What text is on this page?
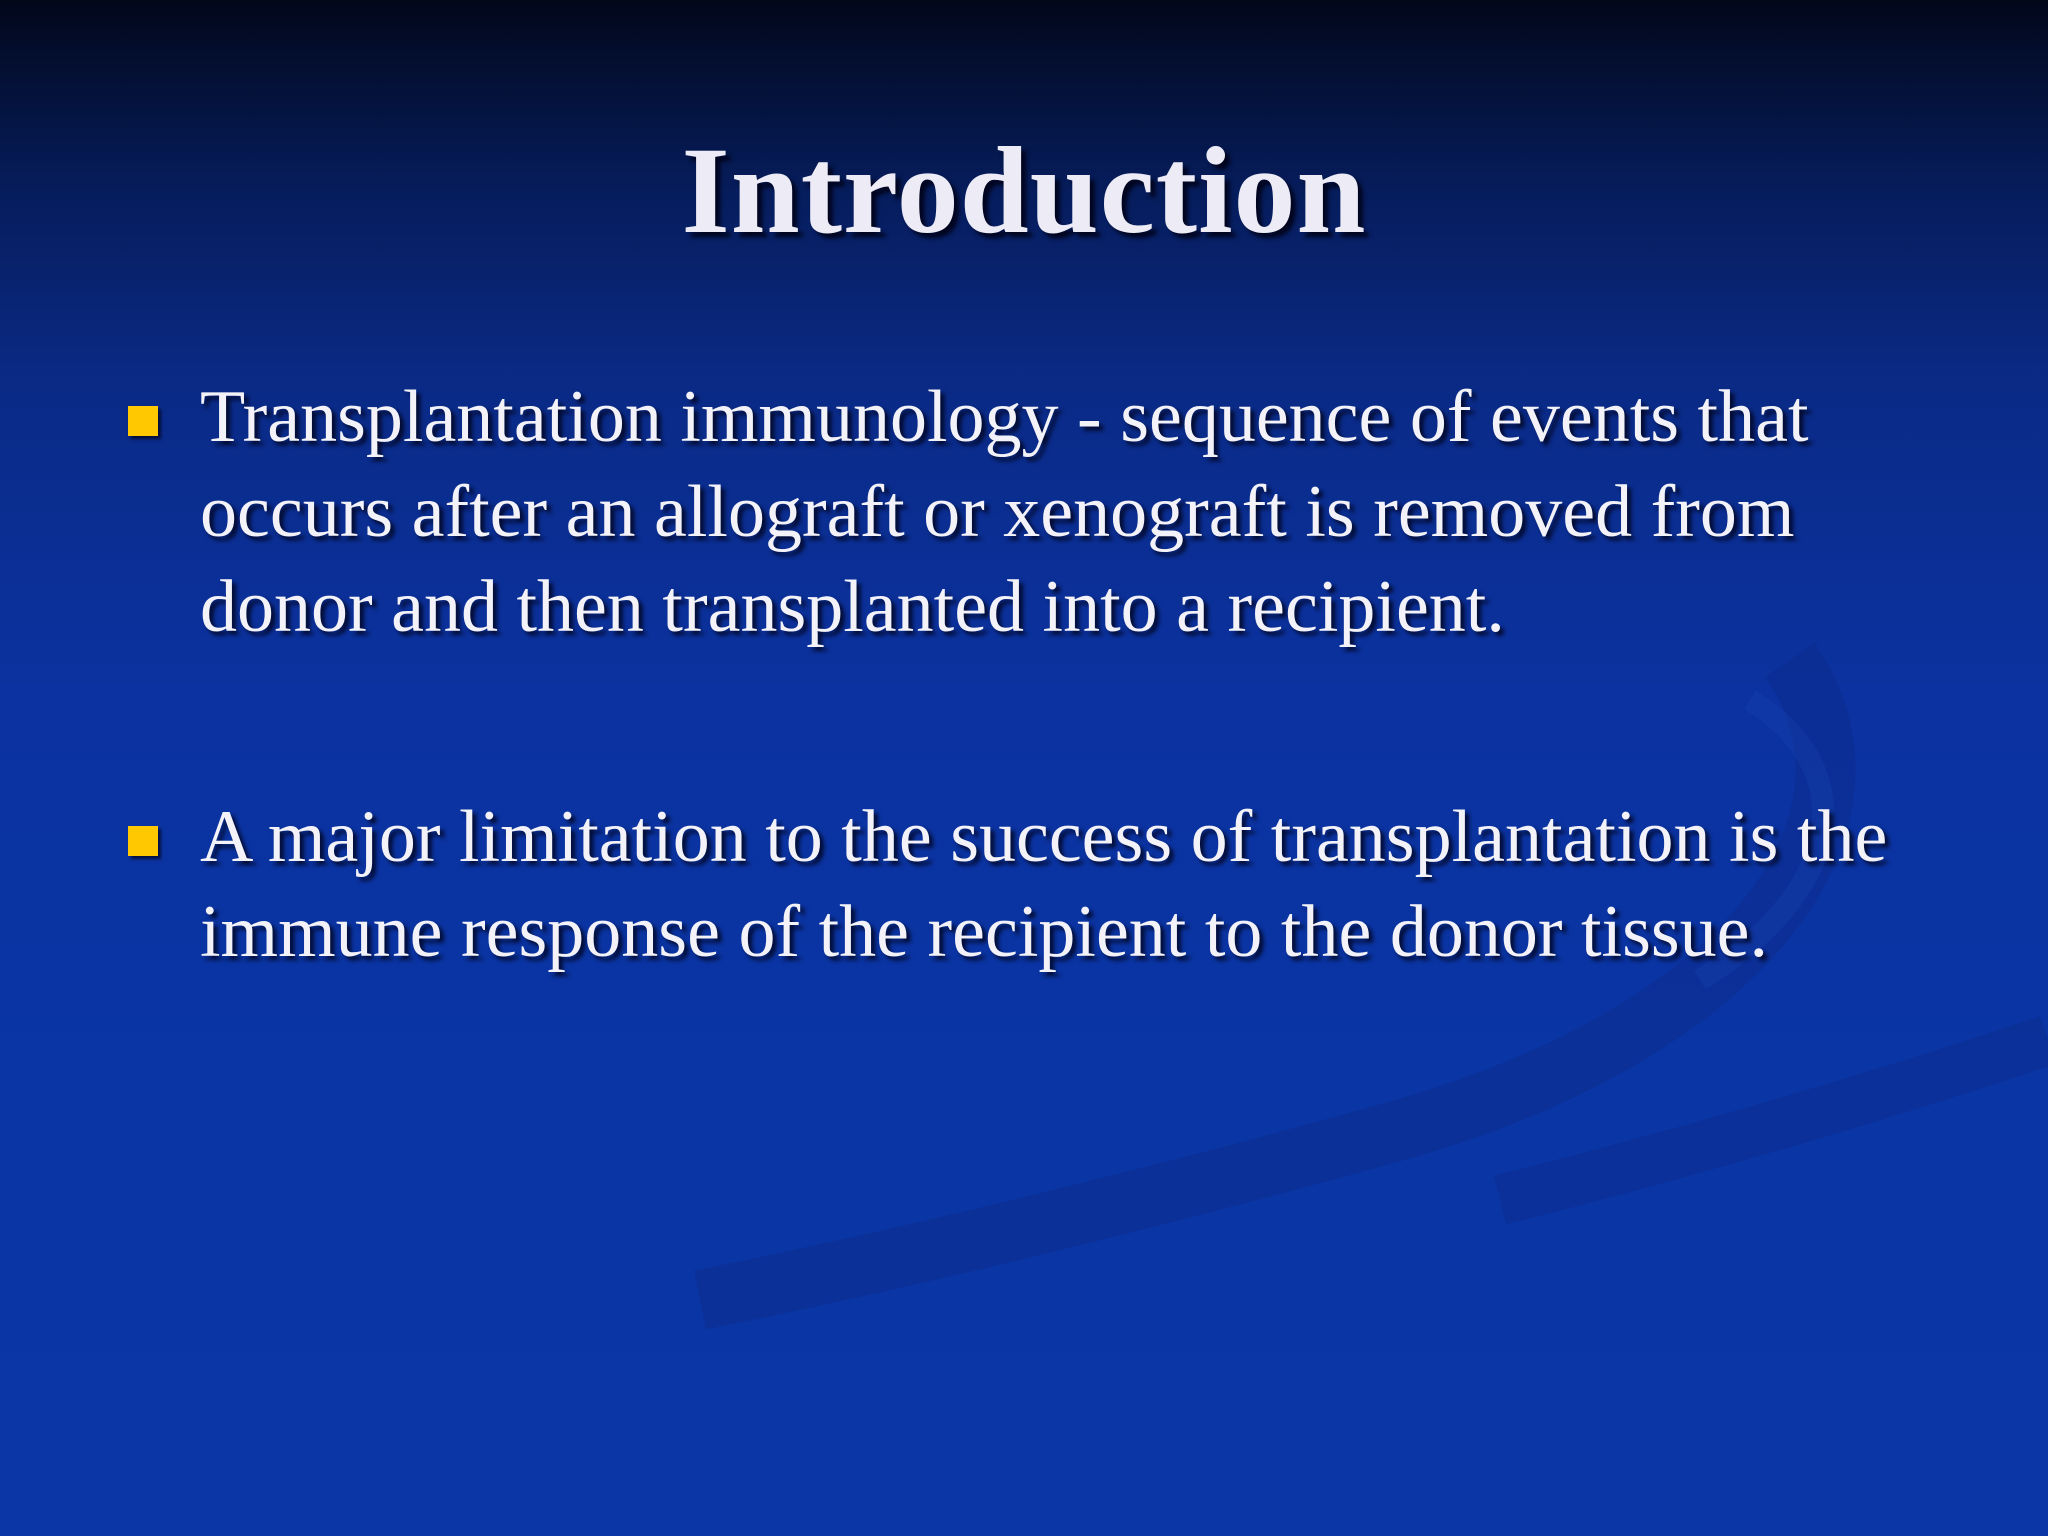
Introduction
Transplantation immunology - sequence of events that occurs after an allograft or xenograft is removed from donor and then transplanted into a recipient.
A major limitation to the success of transplantation is the immune response of the recipient to the donor tissue.
